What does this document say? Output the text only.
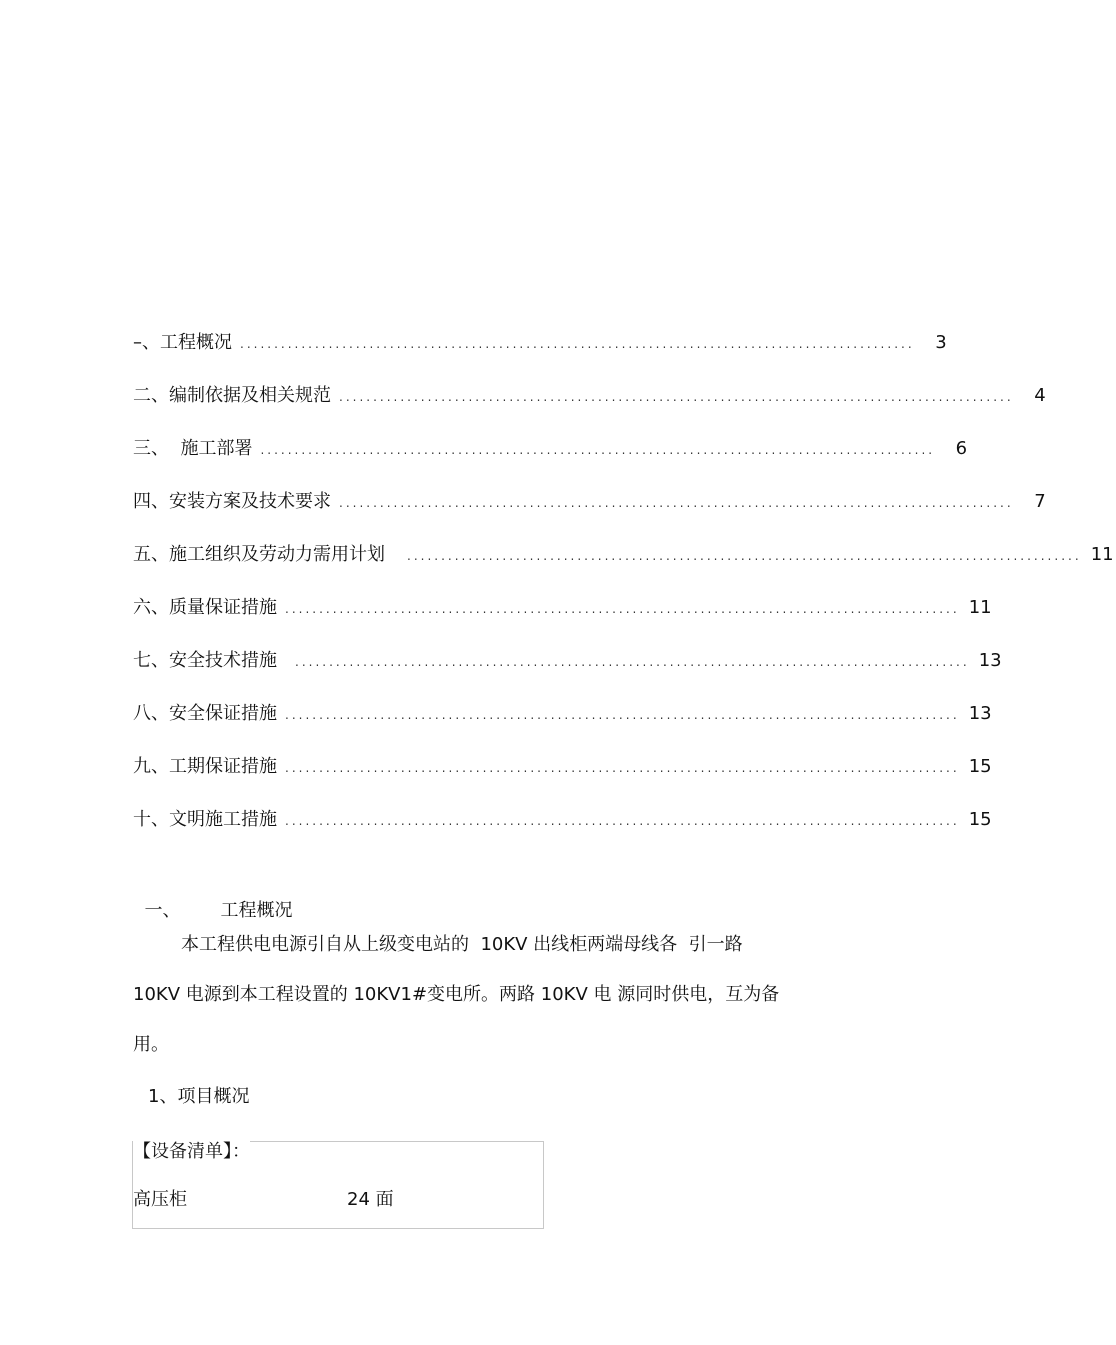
–、 工程概况 ...................................................................................................	3
二、 编制依据及相关规范 ...................................................................................................	4
三、 施工部署 ...................................................................................................	6
四、 安装方案及技术要求 ...................................................................................................	7
五、 施工组织及劳动力需用计划 ................................................................................................... 11
六、 质量保证措施 ................................................................................................... 11
七、 安全技术措施 ................................................................................................... 13
八、 安全保证措施 ................................................................................................... 13
九、 工期保证措施 ................................................................................................... 15
十、 文明施工措施 ................................................................................................... 15

一、 工程概况

本工程供电电源引自从上级变电站的  10KV 出线柜两端母线各  引一路
10KV 电源到本工程设置的 10KV1#变电所。两路 10KV 电 源同时供电，互为备
用。
1、项目概况
【设备清单】：
高压柜	24 面
